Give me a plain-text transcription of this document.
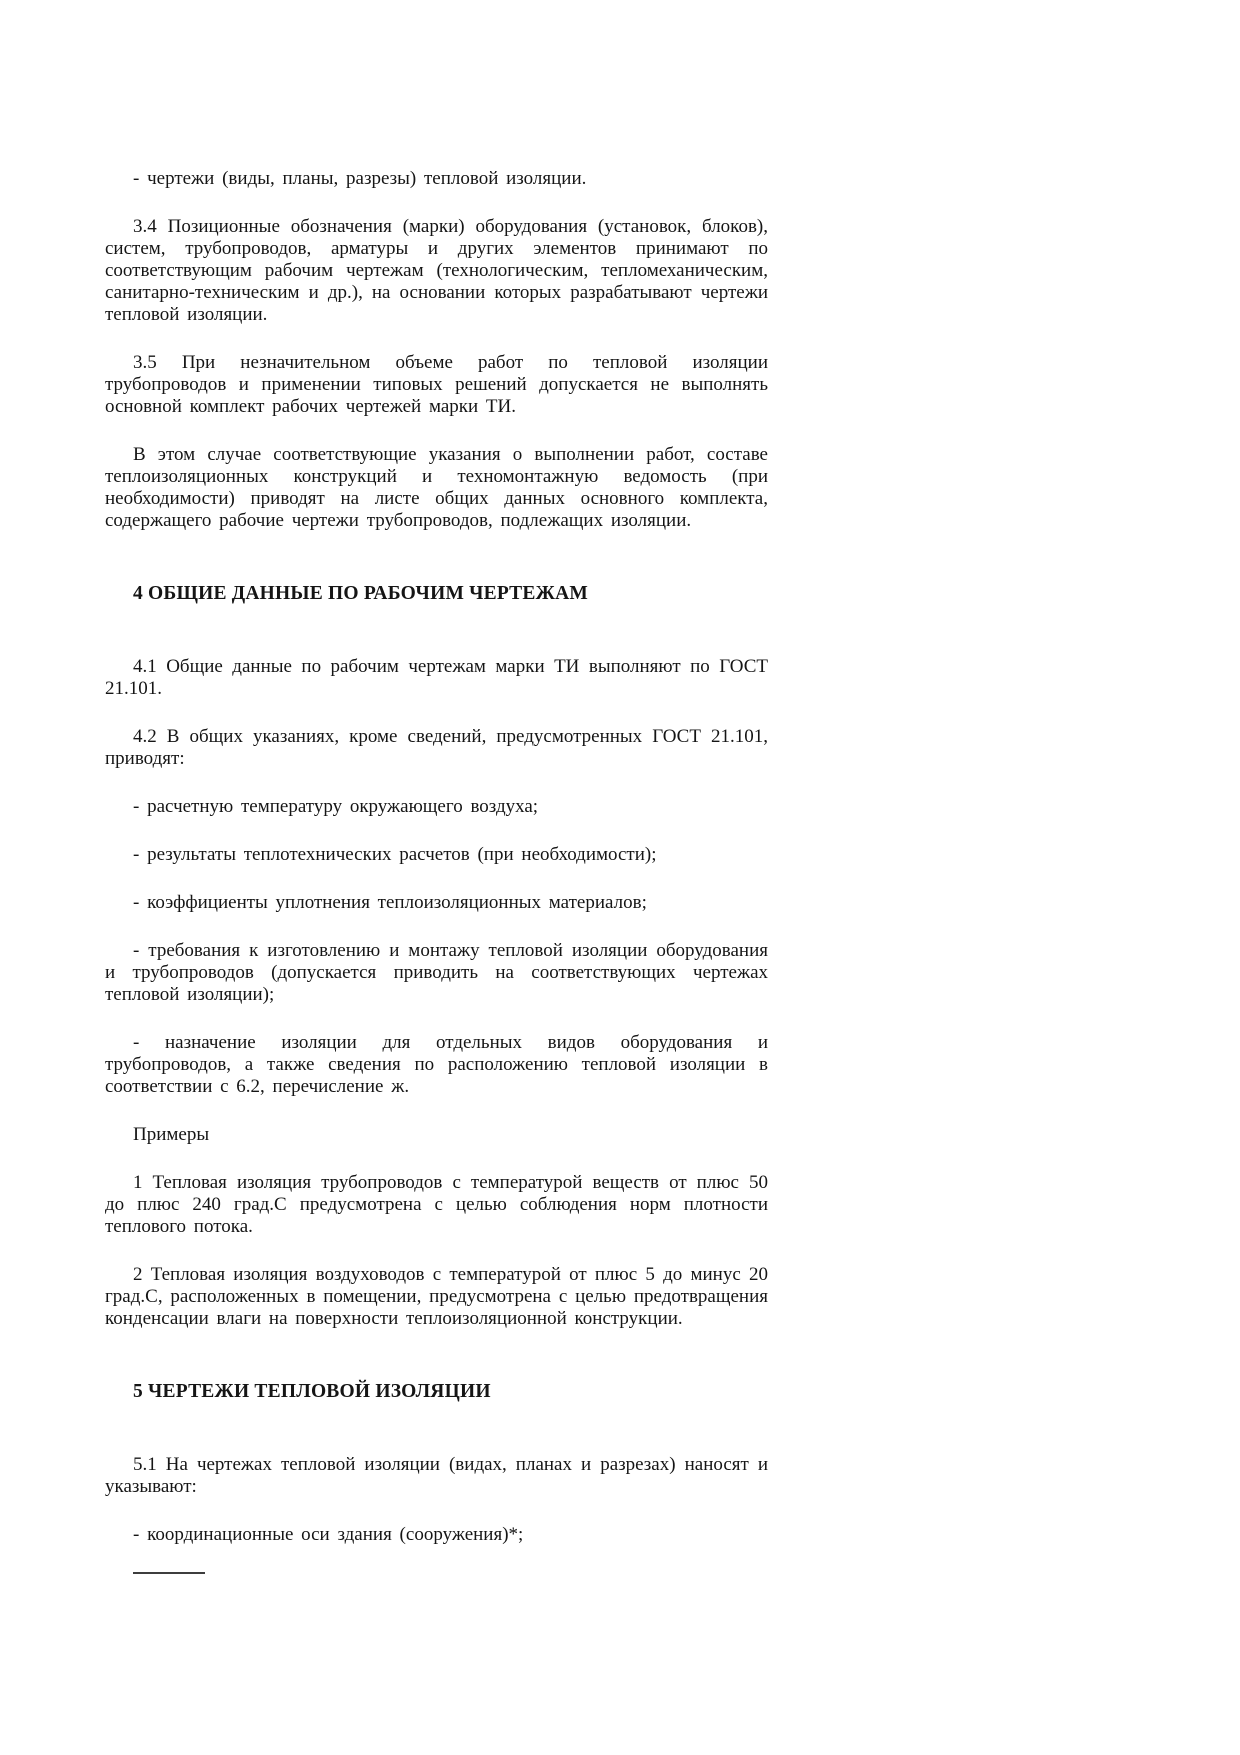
- чертежи (виды, планы, разрезы) тепловой изоляции.

3.4 Позиционные обозначения (марки) оборудования (установок, блоков), систем, трубопроводов, арматуры и других элементов принимают по соответствующим рабочим чертежам (технологическим, тепломеханическим, санитарно-техническим и др.), на основании которых разрабатывают чертежи тепловой изоляции.

3.5 При незначительном объеме работ по тепловой изоляции трубопроводов и применении типовых решений допускается не выполнять основной комплект рабочих чертежей марки ТИ.

В этом случае соответствующие указания о выполнении работ, составе теплоизоляционных конструкций и техномонтажную ведомость (при необходимости) приводят на листе общих данных основного комплекта, содержащего рабочие чертежи трубопроводов, подлежащих изоляции.

4 ОБЩИЕ ДАННЫЕ ПО РАБОЧИМ ЧЕРТЕЖАМ

4.1 Общие данные по рабочим чертежам марки ТИ выполняют по ГОСТ 21.101.

4.2 В общих указаниях, кроме сведений, предусмотренных ГОСТ 21.101, приводят:

- расчетную температуру окружающего воздуха;

- результаты теплотехнических расчетов (при необходимости);

- коэффициенты уплотнения теплоизоляционных материалов;

- требования к изготовлению и монтажу тепловой изоляции оборудования и трубопроводов (допускается приводить на соответствующих чертежах тепловой изоляции);

- назначение изоляции для отдельных видов оборудования и трубопроводов, а также сведения по расположению тепловой изоляции в соответствии с 6.2, перечисление ж.

Примеры

1 Тепловая изоляция трубопроводов с температурой веществ от плюс 50 до плюс 240 град.С предусмотрена с целью соблюдения норм плотности теплового потока.

2 Тепловая изоляция воздуховодов с температурой от плюс 5 до минус 20 град.С, расположенных в помещении, предусмотрена с целью предотвращения конденсации влаги на поверхности теплоизоляционной конструкции.

5 ЧЕРТЕЖИ ТЕПЛОВОЙ ИЗОЛЯЦИИ

5.1 На чертежах тепловой изоляции (видах, планах и разрезах) наносят и указывают:

- координационные оси здания (сооружения)*;
